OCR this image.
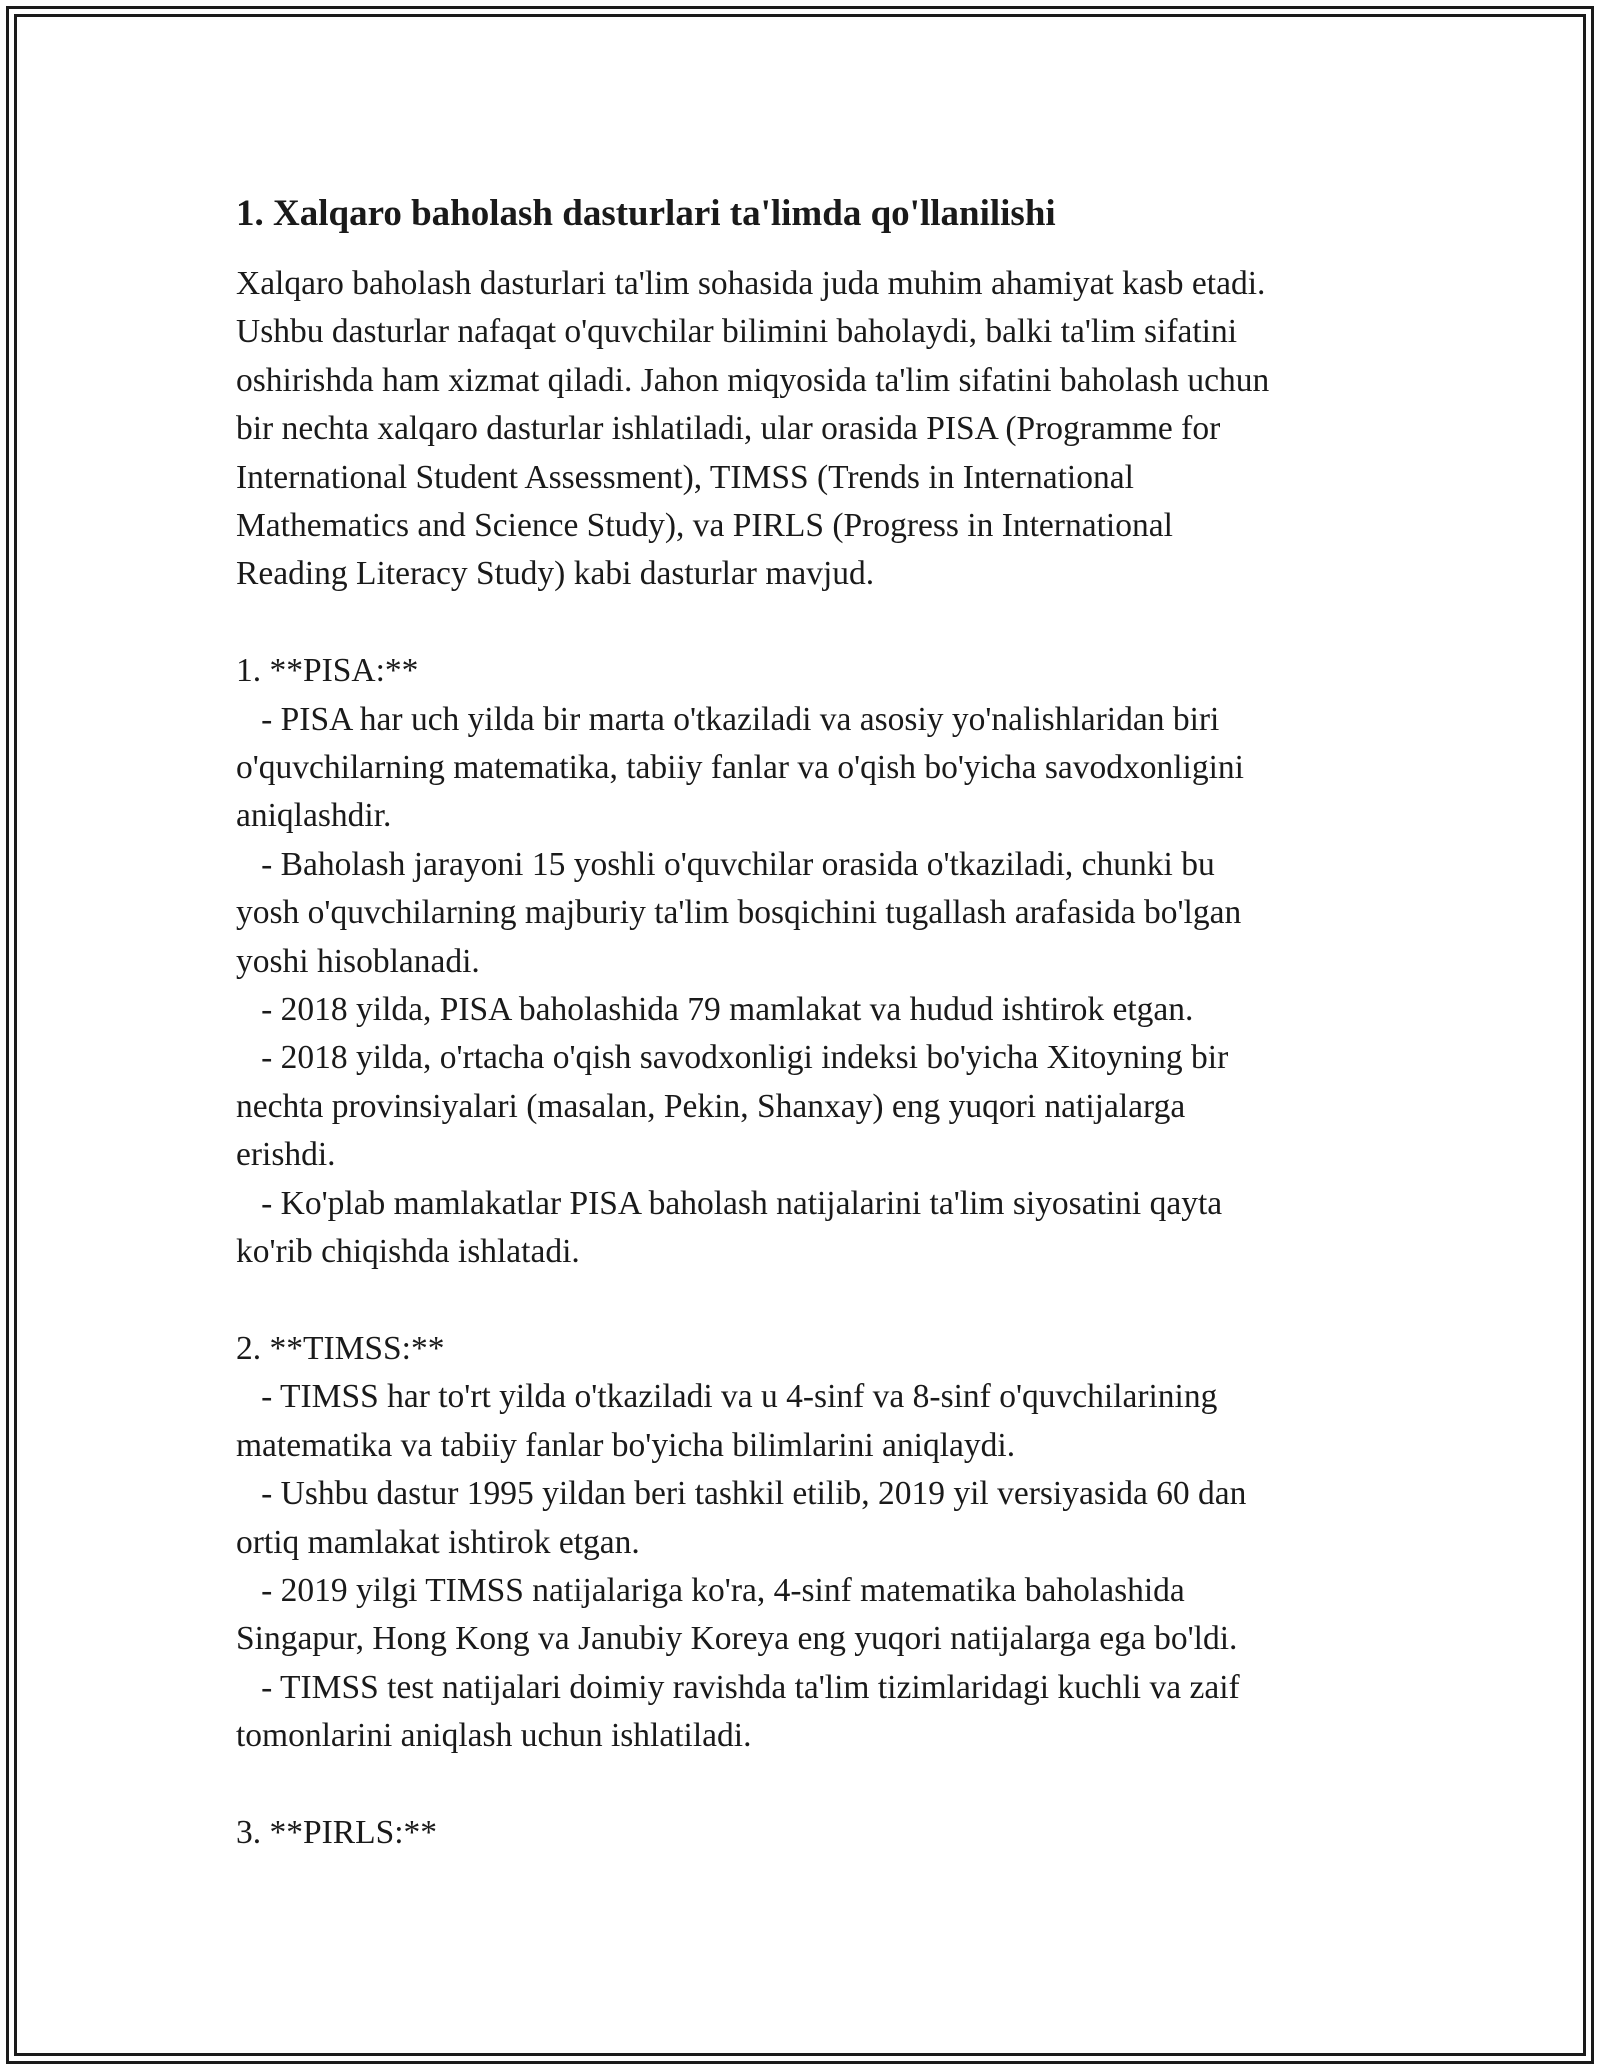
1. Xalqaro baholash dasturlari ta'limda qo'llanilishi
Xalqaro baholash dasturlari ta'lim sohasida juda muhim ahamiyat kasb etadi.
Ushbu dasturlar nafaqat o'quvchilar bilimini baholaydi, balki ta'lim sifatini
oshirishda ham xizmat qiladi. Jahon miqyosida ta'lim sifatini baholash uchun
bir nechta xalqaro dasturlar ishlatiladi, ular orasida PISA (Programme for
International Student Assessment), TIMSS (Trends in International
Mathematics and Science Study), va PIRLS (Progress in International
Reading Literacy Study) kabi dasturlar mavjud.
1. **PISA:**
- PISA har uch yilda bir marta o'tkaziladi va asosiy yo'nalishlaridan biri
o'quvchilarning matematika, tabiiy fanlar va o'qish bo'yicha savodxonligini
aniqlashdir.
- Baholash jarayoni 15 yoshli o'quvchilar orasida o'tkaziladi, chunki bu
yosh o'quvchilarning majburiy ta'lim bosqichini tugallash arafasida bo'lgan
yoshi hisoblanadi.
- 2018 yilda, PISA baholashida 79 mamlakat va hudud ishtirok etgan.
- 2018 yilda, o'rtacha o'qish savodxonligi indeksi bo'yicha Xitoyning bir
nechta provinsiyalari (masalan, Pekin, Shanxay) eng yuqori natijalarga
erishdi.
- Ko'plab mamlakatlar PISA baholash natijalarini ta'lim siyosatini qayta
ko'rib chiqishda ishlatadi.
2. **TIMSS:**
- TIMSS har to'rt yilda o'tkaziladi va u 4-sinf va 8-sinf o'quvchilarining
matematika va tabiiy fanlar bo'yicha bilimlarini aniqlaydi.
- Ushbu dastur 1995 yildan beri tashkil etilib, 2019 yil versiyasida 60 dan
ortiq mamlakat ishtirok etgan.
- 2019 yilgi TIMSS natijalariga ko'ra, 4-sinf matematika baholashida
Singapur, Hong Kong va Janubiy Koreya eng yuqori natijalarga ega bo'ldi.
- TIMSS test natijalari doimiy ravishda ta'lim tizimlaridagi kuchli va zaif
tomonlarini aniqlash uchun ishlatiladi.
3. **PIRLS:**
